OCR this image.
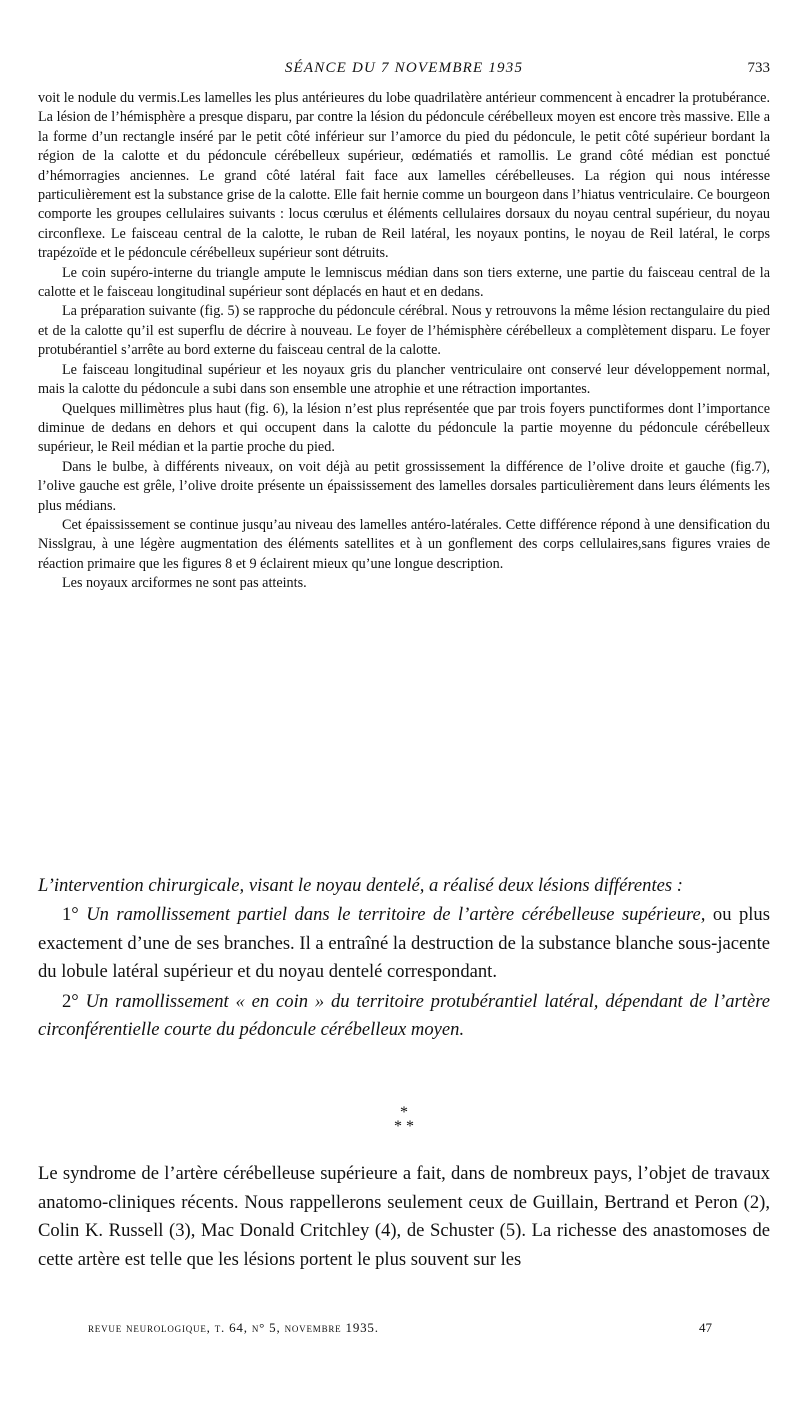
SÉANCE DU 7 NOVEMBRE 1935	733

voit le nodule du vermis.Les lamelles les plus antérieures du lobe quadrilatère antérieur commencent à encadrer la protubérance. La lésion de l’hémisphère a presque disparu, par contre la lésion du pédoncule cérébelleux moyen est encore très massive. Elle a la forme d’un rectangle inséré par le petit côté inférieur sur l’amorce du pied du pédoncule, le petit côté supérieur bordant la région de la calotte et du pédoncule cérébelleux supérieur, œdématiés et ramollis. Le grand côté médian est ponctué d’hémorragies anciennes. Le grand côté latéral fait face aux lamelles cérébelleuses. La région qui nous intéresse particulièrement est la substance grise de la calotte. Elle fait hernie comme un bourgeon dans l’hiatus ventriculaire. Ce bourgeon comporte les groupes cellulaires suivants : locus cœrulus et éléments cellulaires dorsaux du noyau central supérieur, du noyau circonflexe. Le faisceau central de la calotte, le ruban de Reil latéral, les noyaux pontins, le noyau de Reil latéral, le corps trapézoïde et le pédoncule cérébelleux supérieur sont détruits.

Le coin supéro-interne du triangle ampute le lemniscus médian dans son tiers externe, une partie du faisceau central de la calotte et le faisceau longitudinal supérieur sont déplacés en haut et en dedans.

La préparation suivante (fig. 5) se rapproche du pédoncule cérébral. Nous y retrouvons la même lésion rectangulaire du pied et de la calotte qu’il est superflu de décrire à nouveau. Le foyer de l’hémisphère cérébelleux a complètement disparu. Le foyer protubérantiel s’arrête au bord externe du faisceau central de la calotte.

Le faisceau longitudinal supérieur et les noyaux gris du plancher ventriculaire ont conservé leur développement normal, mais la calotte du pédoncule a subi dans son ensemble une atrophie et une rétraction importantes.

Quelques millimètres plus haut (fig. 6), la lésion n’est plus représentée que par trois foyers punctiformes dont l’importance diminue de dedans en dehors et qui occupent dans la calotte du pédoncule la partie moyenne du pédoncule cérébelleux supérieur, le Reil médian et la partie proche du pied.

Dans le bulbe, à différents niveaux, on voit déjà au petit grossissement la différence de l’olive droite et gauche (fig.7), l’olive gauche est grêle, l’olive droite présente un épaississement des lamelles dorsales particulièrement dans leurs éléments les plus médians.

Cet épaississement se continue jusqu’au niveau des lamelles antéro-latérales. Cette différence répond à une densification du Nisslgrau, à une légère augmentation des éléments satellites et à un gonflement des corps cellulaires,sans figures vraies de réaction primaire que les figures 8 et 9 éclairent mieux qu’une longue description.

Les noyaux arciformes ne sont pas atteints.

L’intervention chirurgicale, visant le noyau dentelé, a réalisé deux lésions différentes :

1° Un ramollissement partiel dans le territoire de l’artère cérébelleuse supérieure, ou plus exactement d’une de ses branches. Il a entraîné la destruction de la substance blanche sous-jacente du lobule latéral supérieur et du noyau dentelé correspondant.

2° Un ramollissement « en coin » du territoire protubérantiel latéral, dépendant de l’artère circonférentielle courte du pédoncule cérébelleux moyen.

*
* *

Le syndrome de l’artère cérébelleuse supérieure a fait, dans de nombreux pays, l’objet de travaux anatomo-cliniques récents. Nous rappellerons seulement ceux de Guillain, Bertrand et Peron (2), Colin K. Russell (3), Mac Donald Critchley (4), de Schuster (5). La richesse des anastomoses de cette artère est telle que les lésions portent le plus souvent sur les

revue neurologique, t. 64, n° 5, novembre 1935.	47
